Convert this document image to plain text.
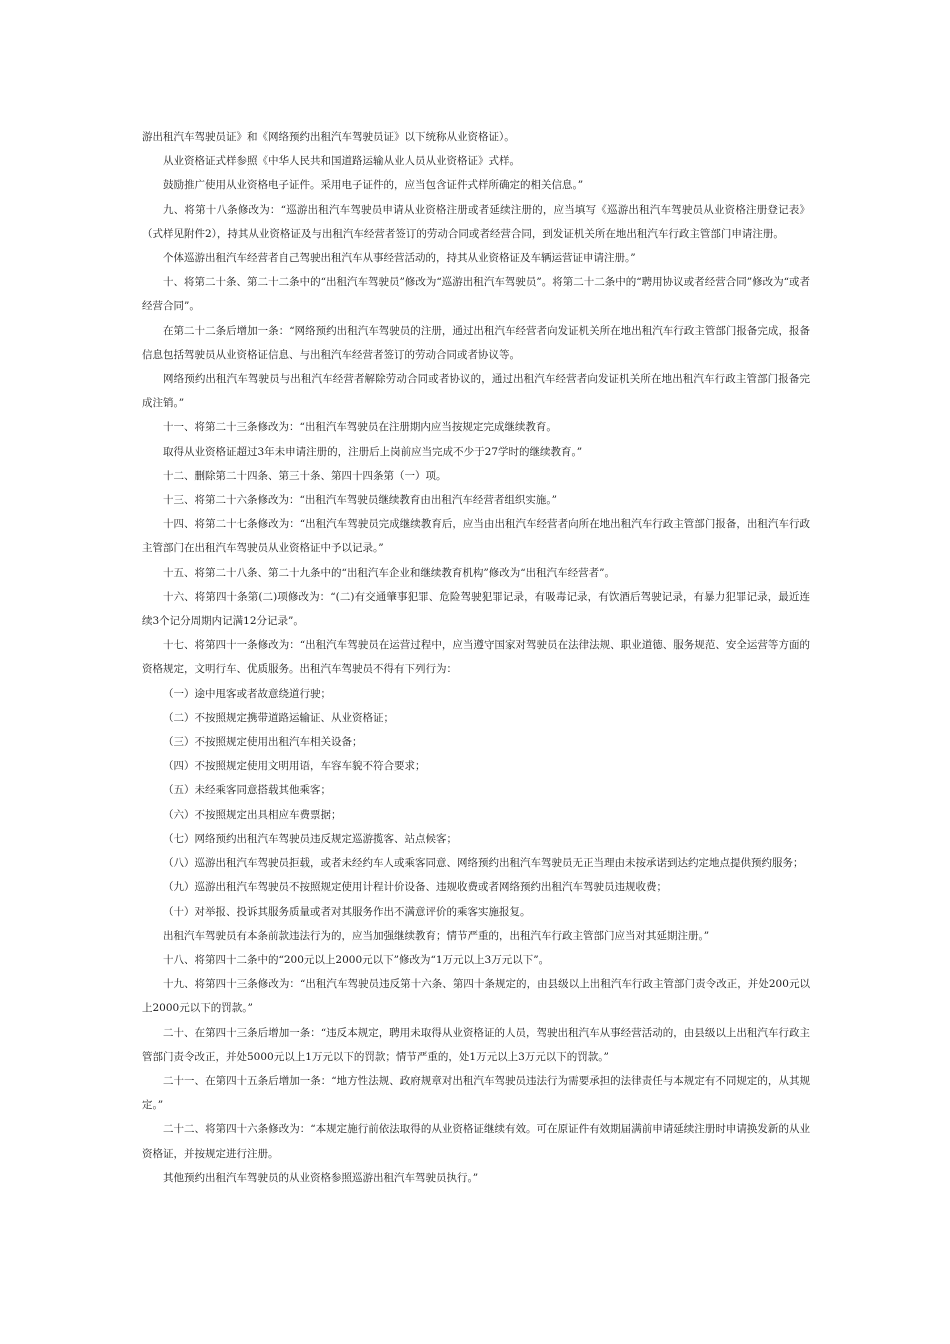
游出租汽车驾驶员证》和《网络预约出租汽车驾驶员证》以下统称从业资格证）。

从业资格证式样参照《中华人民共和国道路运输从业人员从业资格证》式样。

鼓励推广使用从业资格电子证件。采用电子证件的，应当包含证件式样所确定的相关信息。”

九、将第十八条修改为：“巡游出租汽车驾驶员申请从业资格注册或者延续注册的，应当填写《巡游出租汽车驾驶员从业资格注册登记表》（式样见附件2），持其从业资格证及与出租汽车经营者签订的劳动合同或者经营合同，到发证机关所在地出租汽车行政主管部门申请注册。

个体巡游出租汽车经营者自己驾驶出租汽车从事经营活动的，持其从业资格证及车辆运营证申请注册。”

十、将第二十条、第二十二条中的“出租汽车驾驶员”修改为“巡游出租汽车驾驶员”。将第二十二条中的“聘用协议或者经营合同”修改为“或者经营合同”。

在第二十二条后增加一条：“网络预约出租汽车驾驶员的注册，通过出租汽车经营者向发证机关所在地出租汽车行政主管部门报备完成，报备信息包括驾驶员从业资格证信息、与出租汽车经营者签订的劳动合同或者协议等。

网络预约出租汽车驾驶员与出租汽车经营者解除劳动合同或者协议的，通过出租汽车经营者向发证机关所在地出租汽车行政主管部门报备完成注销。”

十一、将第二十三条修改为：“出租汽车驾驶员在注册期内应当按规定完成继续教育。

取得从业资格证超过3年未申请注册的，注册后上岗前应当完成不少于27学时的继续教育。”

十二、删除第二十四条、第三十条、第四十四条第（一）项。

十三、将第二十六条修改为：“出租汽车驾驶员继续教育由出租汽车经营者组织实施。”

十四、将第二十七条修改为：“出租汽车驾驶员完成继续教育后，应当由出租汽车经营者向所在地出租汽车行政主管部门报备，出租汽车行政主管部门在出租汽车驾驶员从业资格证中予以记录。”

十五、将第二十八条、第二十九条中的“出租汽车企业和继续教育机构”修改为“出租汽车经营者”。

十六、将第四十条第(二)项修改为：“(二)有交通肇事犯罪、危险驾驶犯罪记录，有吸毒记录，有饮酒后驾驶记录，有暴力犯罪记录，最近连续3个记分周期内记满12分记录”。

十七、将第四十一条修改为：“出租汽车驾驶员在运营过程中，应当遵守国家对驾驶员在法律法规、职业道德、服务规范、安全运营等方面的资格规定，文明行车、优质服务。出租汽车驾驶员不得有下列行为：

（一）途中甩客或者故意绕道行驶；

（二）不按照规定携带道路运输证、从业资格证；

（三）不按照规定使用出租汽车相关设备；

（四）不按照规定使用文明用语，车容车貌不符合要求；

（五）未经乘客同意搭载其他乘客；

（六）不按照规定出具相应车费票据；

（七）网络预约出租汽车驾驶员违反规定巡游揽客、站点候客；

（八）巡游出租汽车驾驶员拒载，或者未经约车人或乘客同意、网络预约出租汽车驾驶员无正当理由未按承诺到达约定地点提供预约服务；

（九）巡游出租汽车驾驶员不按照规定使用计程计价设备、违规收费或者网络预约出租汽车驾驶员违规收费；

（十）对举报、投诉其服务质量或者对其服务作出不满意评价的乘客实施报复。

出租汽车驾驶员有本条前款违法行为的，应当加强继续教育；情节严重的，出租汽车行政主管部门应当对其延期注册。”

十八、将第四十二条中的“200元以上2000元以下”修改为“1万元以上3万元以下”。

十九、将第四十三条修改为：“出租汽车驾驶员违反第十六条、第四十条规定的，由县级以上出租汽车行政主管部门责令改正，并处200元以上2000元以下的罚款。”

二十、在第四十三条后增加一条：“违反本规定，聘用未取得从业资格证的人员，驾驶出租汽车从事经营活动的，由县级以上出租汽车行政主管部门责令改正，并处5000元以上1万元以下的罚款；情节严重的，处1万元以上3万元以下的罚款。”

二十一、在第四十五条后增加一条：“地方性法规、政府规章对出租汽车驾驶员违法行为需要承担的法律责任与本规定有不同规定的，从其规定。”

二十二、将第四十六条修改为：“本规定施行前依法取得的从业资格证继续有效。可在原证件有效期届满前申请延续注册时申请换发新的从业资格证，并按规定进行注册。

其他预约出租汽车驾驶员的从业资格参照巡游出租汽车驾驶员执行。”
